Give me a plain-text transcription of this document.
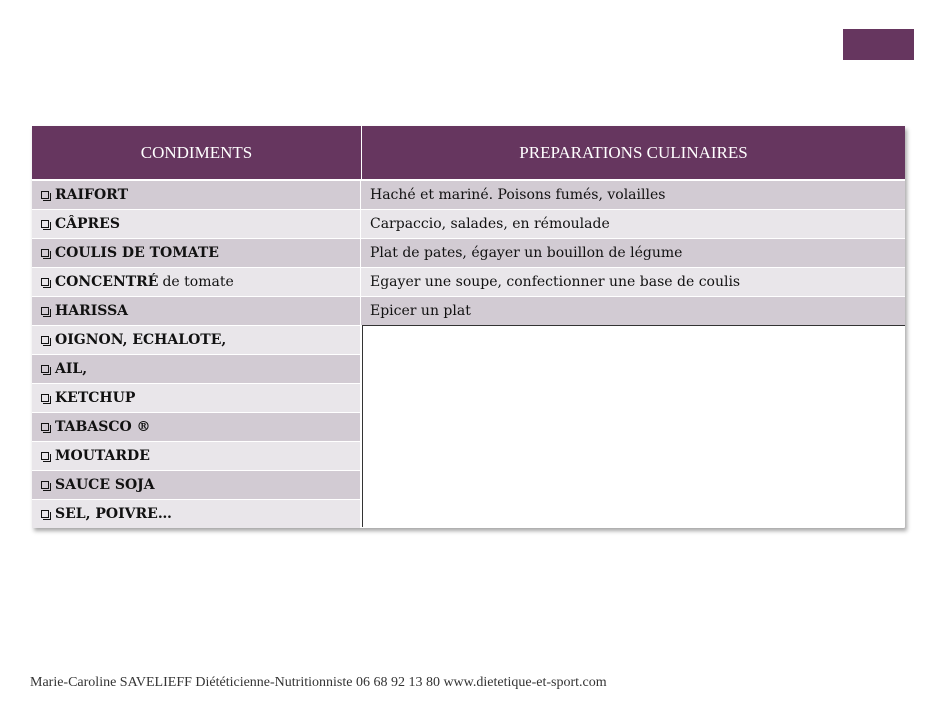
CONDIMENTS	PREPARATIONS CULINAIRES
RAIFORT	Haché et mariné. Poisons fumés, volailles
CÂPRES	Carpaccio, salades, en rémoulade
COULIS DE TOMATE	Plat de pates, égayer un bouillon de légume
CONCENTRÉ de tomate	Egayer une soupe, confectionner une base de coulis
HARISSA	Epicer un plat
OIGNON, ECHALOTE,
AIL,
KETCHUP
TABASCO ®
MOUTARDE
SAUCE SOJA
SEL, POIVRE…
Marie-Caroline SAVELIEFF Diététicienne-Nutritionniste 06 68 92 13 80 www.dietetique-et-sport.com
